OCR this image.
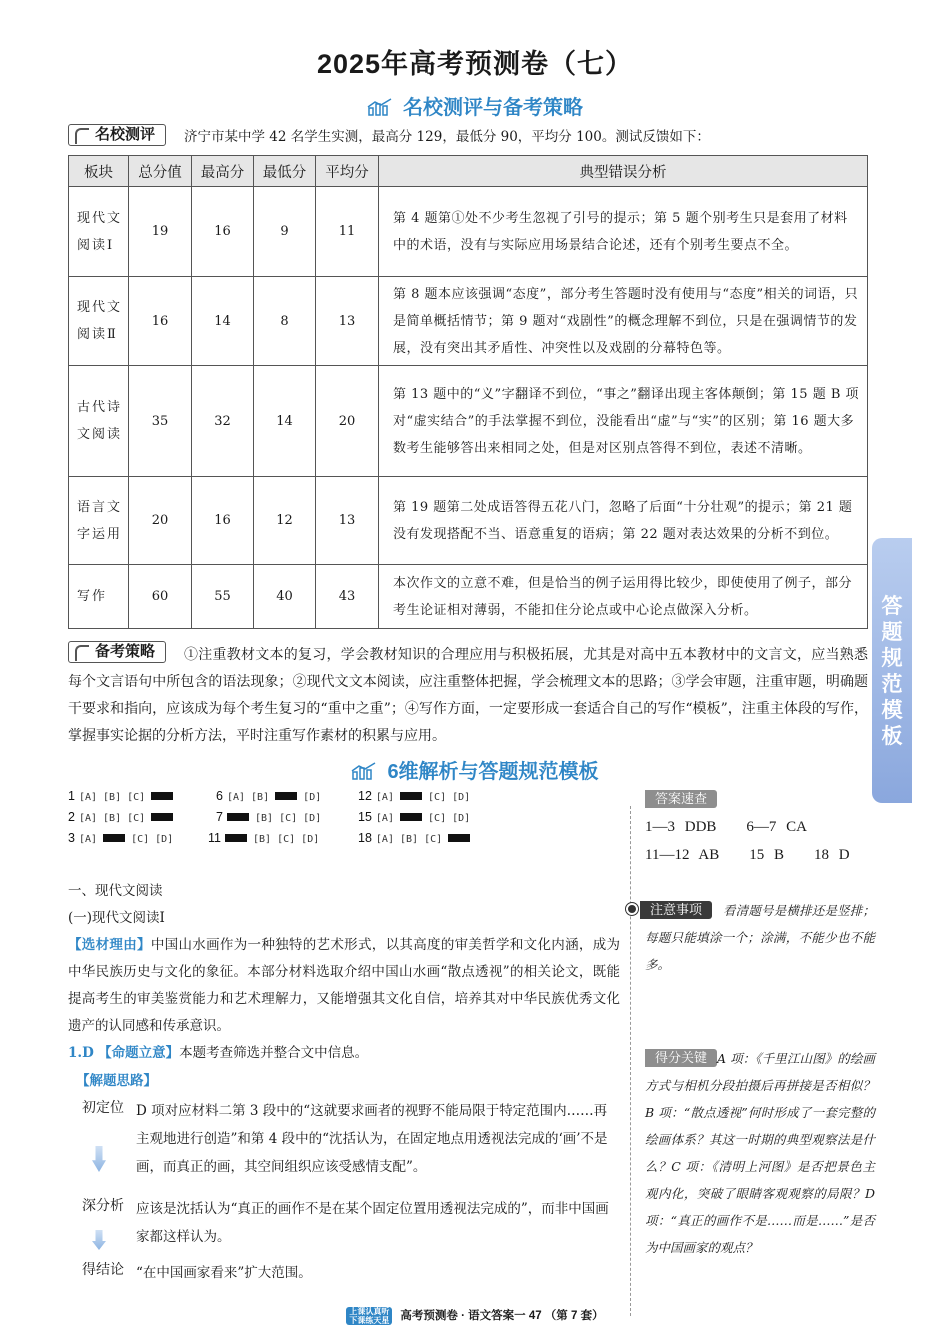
2025年高考预测卷（七）
名校测评与备考策略
名校测评	济宁市某中学 42 名学生实测，最高分 129，最低分 90，平均分 100。测试反馈如下：
板块	总分值	最高分	最低分	平均分	典型错误分析
现代文阅读Ⅰ	19	16	9	11	第 4 题第①处不少考生忽视了引号的提示；第 5 题个别考生只是套用了材料中的术语，没有与实际应用场景结合论述，还有个别考生要点不全。
现代文阅读Ⅱ	16	14	8	13	第 8 题本应该强调“态度”，部分考生答题时没有使用与“态度”相关的词语，只是简单概括情节；第 9 题对“戏剧性”的概念理解不到位，只是在强调情节的发展，没有突出其矛盾性、冲突性以及戏剧的分幕特色等。
古代诗文阅读	35	32	14	20	第 13 题中的“义”字翻译不到位，“事之”翻译出现主客体颠倒；第 15 题 B 项对“虚实结合”的手法掌握不到位，没能看出“虚”与“实”的区别；第 16 题大多数考生能够答出来相同之处，但是对区别点答得不到位，表述不清晰。
语言文字运用	20	16	12	13	第 19 题第二处成语答得五花八门，忽略了后面“十分壮观”的提示；第 21 题没有发现搭配不当、语意重复的语病；第 22 题对表达效果的分析不到位。
写作	60	55	40	43	本次作文的立意不难，但是恰当的例子运用得比较少，即使使用了例子，部分考生论证相对薄弱，不能扣住分论点或中心论点做深入分析。
备考策略	①注重教材文本的复习，学会教材知识的合理应用与积极拓展，尤其是对高中五本教材中的文言文，应当熟悉每个文言语句中所包含的语法现象；②现代文文本阅读，应注重整体把握，学会梳理文本的思路；③学会审题，注重审题，明确题干要求和指向，应该成为每个考生复习的“重中之重”；④写作方面，一定要形成一套适合自己的写作“模板”，注重主体段的写作，掌握事实论据的分析方法，平时注重写作素材的积累与应用。
答题规范模板
6维解析与答题规范模板
1 [A] [B] [C]	6 [A] [B]	[D]	12 [A]	[C] [D]
2 [A] [B] [C]	7	[B] [C] [D]	15 [A]	[C] [D]
3 [A]	[C] [D]	11	[B] [C] [D]	18 [A] [B] [C]
答案速查
1—3 DDB　　6—7 CA
11—12 AB　　15 B　　18 D
注意事项	看清题号是横排还是竖排；每题只能填涂一个；涂满，不能少也不能多。
得分关键 A 项：《千里江山图》的绘画方式与相机分段拍摄后再拼接是否相似？B 项：“散点透视”何时形成了一套完整的绘画体系？其这一时期的典型观察法是什么？C 项：《清明上河图》是否把景色主观内化，突破了眼睛客观观察的局限？D 项：“真正的画作不是……而是……”是否为中国画家的观点？
一、现代文阅读
(一)现代文阅读Ⅰ
【选材理由】中国山水画作为一种独特的艺术形式，以其高度的审美哲学和文化内涵，成为中华民族历史与文化的象征。本部分材料选取介绍中国山水画“散点透视”的相关论文，既能提高考生的审美鉴赏能力和艺术理解力，又能增强其文化自信，培养其对中华民族优秀文化遗产的认同感和传承意识。
1.D 【命题立意】本题考查筛选并整合文中信息。
【解题思路】
初定位 D 项对应材料二第 3 段中的“这就要求画者的视野不能局限于特定范围内……再主观地进行创造”和第 4 段中的“沈括认为，在固定地点用透视法完成的‘画’不是画，而真正的画，其空间组织应该受感情支配”。
深分析 应该是沈括认为“真正的画作不是在某个固定位置用透视法完成的”，而非中国画家都这样认为。
得结论 “在中国画家看来”扩大范围。
上课认真听
下课练天星 高考预测卷 · 语文答案一 47 （第 7 套）
